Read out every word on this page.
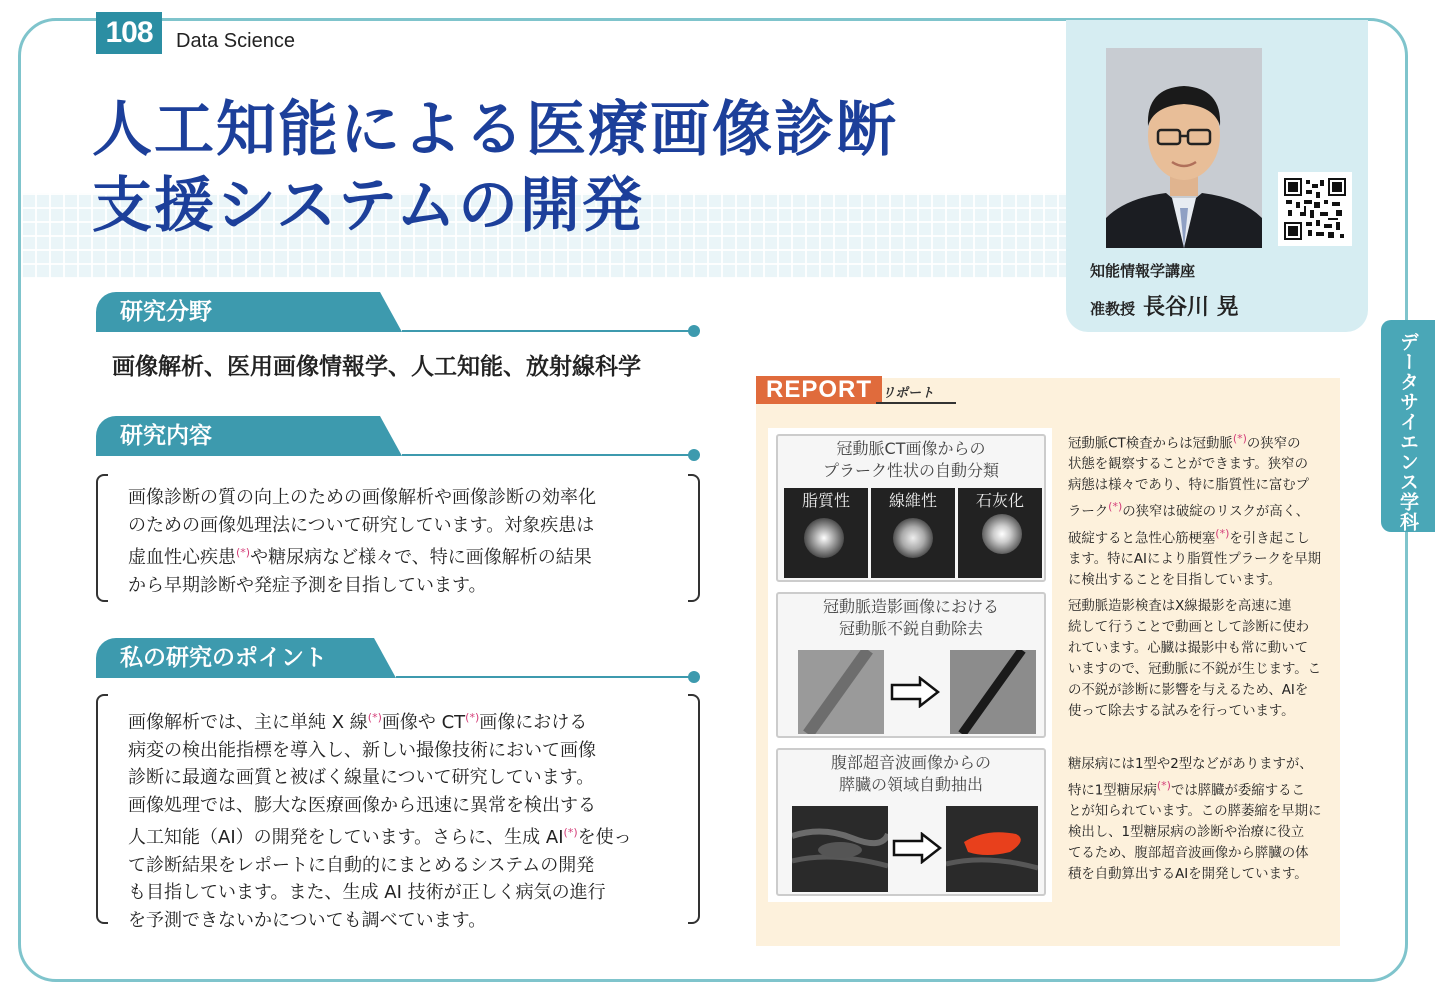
108	Data Science
人工知能による医療画像診断
支援システムの開発
知能情報学講座
准教授 長谷川 晃
データサイエンス学科
研究分野
画像解析、医用画像情報学、人工知能、放射線科学
研究内容
画像診断の質の向上のための画像解析や画像診断の効率化
のための画像処理法について研究しています。対象疾患は
虚血性心疾患(*)や糖尿病など様々で、特に画像解析の結果
から早期診断や発症予測を目指しています。
私の研究のポイント
画像解析では、主に単純 X 線(*)画像や CT(*)画像における
病変の検出能指標を導入し、新しい撮像技術において画像
診断に最適な画質と被ばく線量について研究しています。
画像処理では、膨大な医療画像から迅速に異常を検出する
人工知能（AI）の開発をしています。さらに、生成 AI(*)を使っ
て診断結果をレポートに自動的にまとめるシステムの開発
も目指しています。また、生成 AI 技術が正しく病気の進行
を予測できないかについても調べています。
REPORT リポート
冠動脈CT画像からの
プラーク性状の自動分類
脂質性	線維性	石灰化
冠動脈造影画像における
冠動脈不鋭自動除去
腹部超音波画像からの
膵臓の領域自動抽出
冠動脈CT検査からは冠動脈(*)の狭窄の
状態を観察することができます。狭窄の
病態は様々であり、特に脂質性に富むプ
ラーク(*)の狭窄は破綻のリスクが高く、
破綻すると急性心筋梗塞(*)を引き起こし
ます。特にAIにより脂質性プラークを早期
に検出することを目指しています。
冠動脈造影検査はX線撮影を高速に連
続して行うことで動画として診断に使わ
れています。心臓は撮影中も常に動いて
いますので、冠動脈に不鋭が生じます。こ
の不鋭が診断に影響を与えるため、AIを
使って除去する試みを行っています。
糖尿病には1型や2型などがありますが、
特に1型糖尿病(*)では膵臓が委縮するこ
とが知られています。この膵萎縮を早期に
検出し、1型糖尿病の診断や治療に役立
てるため、腹部超音波画像から膵臓の体
積を自動算出するAIを開発しています。
